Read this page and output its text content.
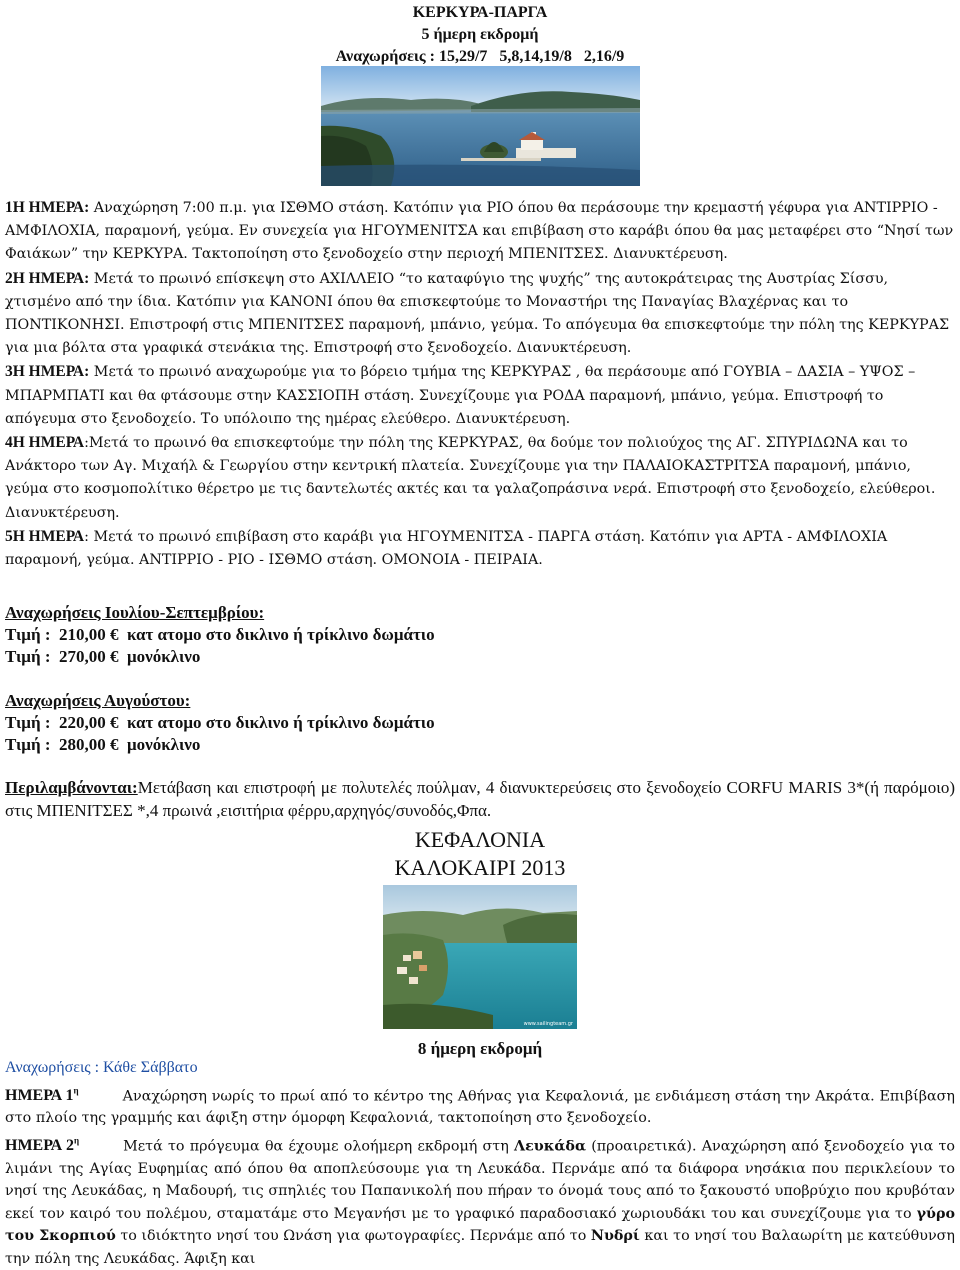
ΚΕΡΚΥΡΑ-ΠΑΡΓΑ
5 ήμερη εκδρομή
Αναχωρήσεις : 15,29/7   5,8,14,19/8   2,16/9

1Η ΗΜΕΡΑ: Αναχώρηση 7:00 π.μ. για ΙΣΘΜΟ στάση. Κατόπιν για ΡΙΟ όπου θα περάσουμε την κρεμαστή γέφυρα για ΑΝΤΙΡΡΙΟ - ΑΜΦΙΛΟΧΙΑ, παραμονή, γεύμα. Εν συνεχεία για ΗΓΟΥΜΕΝΙΤΣΑ και επιβίβαση στο καράβι όπου θα μας μεταφέρει στο “Νησί των Φαιάκων” την ΚΕΡΚΥΡΑ. Τακτοποίηση στο ξενοδοχείο στην περιοχή ΜΠΕΝΙΤΣΕΣ. Διανυκτέρευση.

2Η ΗΜΕΡΑ: Μετά το πρωινό επίσκεψη στο ΑΧΙΛΛΕΙΟ “το καταφύγιο της ψυχής” της αυτοκράτειρας της Αυστρίας Σίσσυ, χτισμένο από την ίδια. Κατόπιν για ΚΑΝΟΝΙ όπου θα επισκεφτούμε το Μοναστήρι της Παναγίας Βλαχέρνας και το ΠΟΝΤΙΚΟΝΗΣΙ. Επιστροφή στις ΜΠΕΝΙΤΣΕΣ παραμονή, μπάνιο, γεύμα. Το απόγευμα θα επισκεφτούμε την πόλη της ΚΕΡΚΥΡΑΣ για μια βόλτα στα γραφικά στενάκια της. Επιστροφή στο ξενοδοχείο. Διανυκτέρευση.

3Η ΗΜΕΡΑ: Μετά το πρωινό αναχωρούμε για το βόρειο τμήμα της ΚΕΡΚΥΡΑΣ , θα περάσουμε από ΓΟΥΒΙΑ – ΔΑΣΙΑ – ΥΨΟΣ – ΜΠΑΡΜΠΑΤΙ και θα φτάσουμε στην ΚΑΣΣΙΟΠΗ στάση. Συνεχίζουμε για ΡΟΔΑ παραμονή, μπάνιο, γεύμα. Επιστροφή το απόγευμα στο ξενοδοχείο. Το υπόλοιπο της ημέρας ελεύθερο. Διανυκτέρευση.

4Η ΗΜΕΡΑ:Μετά το πρωινό θα επισκεφτούμε την πόλη της ΚΕΡΚΥΡΑΣ, θα δούμε τον πολιούχος της ΑΓ. ΣΠΥΡΙΔΩΝΑ και το Ανάκτορο των Αγ. Μιχαήλ & Γεωργίου στην κεντρική πλατεία. Συνεχίζουμε για την ΠΑΛΑΙΟΚΑΣΤΡΙΤΣΑ παραμονή, μπάνιο, γεύμα στο κοσμοπολίτικο θέρετρο με τις δαντελωτές ακτές και τα γαλαζοπράσινα νερά. Επιστροφή στο ξενοδοχείο, ελεύθεροι. Διανυκτέρευση.

5Η ΗΜΕΡΑ: Μετά το πρωινό επιβίβαση στο καράβι για ΗΓΟΥΜΕΝΙΤΣΑ - ΠΑΡΓΑ στάση. Κατόπιν για ΑΡΤΑ - ΑΜΦΙΛΟΧΙΑ παραμονή, γεύμα. ΑΝΤΙΡΡΙΟ - ΡΙΟ - ΙΣΘΜΟ στάση. ΟΜΟΝΟΙΑ - ΠΕΙΡΑΙΑ.

Αναχωρήσεις Ιουλίου-Σεπτεμβρίου:

Τιμή :  210,00 €  κατ ατομο στο δικλινο ή τρίκλινο δωμάτιο

Τιμή :  270,00 €  μονόκλινο

Αναχωρήσεις Αυγούστου:

Τιμή :  220,00 €  κατ ατομο στο δικλινο ή τρίκλινο δωμάτιο

Τιμή :  280,00 €  μονόκλινο

Περιλαμβάνονται:Μετάβαση και επιστροφή με πολυτελές πούλμαν, 4 διανυκτερεύσεις στο ξενοδοχείο CORFU MARIS 3*(ή παρόμοιο) στις ΜΠΕΝΙΤΣΕΣ *,4 πρωινά ,εισιτήρια φέρρυ,αρχηγός/συνοδός,Φπα.

ΚΕΦΑΛΟΝΙΑ
ΚΑΛΟΚΑΙΡΙ 2013
www.sailingteam.gr
8 ήμερη εκδρομή

Αναχωρήσεις : Κάθε Σάββατο

ΗΜΕΡΑ $1^\eta$	Αναχώρηση νωρίς το πρωί από το κέντρο της Αθήνας για Κεφαλονιά, με ενδιάμεση στάση την Ακράτα. Επιβίβαση στο πλοίο της γραμμής και άφιξη στην όμορφη Κεφαλονιά, τακτοποίηση στο ξενοδοχείο.

ΗΜΕΡΑ $2^\eta$	Μετά το πρόγευμα θα έχουμε ολοήμερη εκδρομή στη Λευκάδα (προαιρετικά). Αναχώρηση από ξενοδοχείο για το λιμάνι της Αγίας Ευφημίας από όπου θα αποπλεύσουμε για τη Λευκάδα. Περνάμε από τα διάφορα νησάκια που περικλείουν το νησί της Λευκάδας, η Μαδουρή, τις σπηλιές του Παπανικολή που πήραν το όνομά τους από το ξακουστό υποβρύχιο που κρυβόταν εκεί τον καιρό του πολέμου, σταματάμε στο Μεγανήσι με το γραφικό παραδοσιακό χωριουδάκι του και συνεχίζουμε για το γύρο του Σκορπιού το ιδιόκτητο νησί του Ωνάση για φωτογραφίες. Περνάμε από το Νυδρί και το νησί του Βαλαωρίτη με κατεύθυνση την πόλη της Λευκάδας. Άφιξη και
